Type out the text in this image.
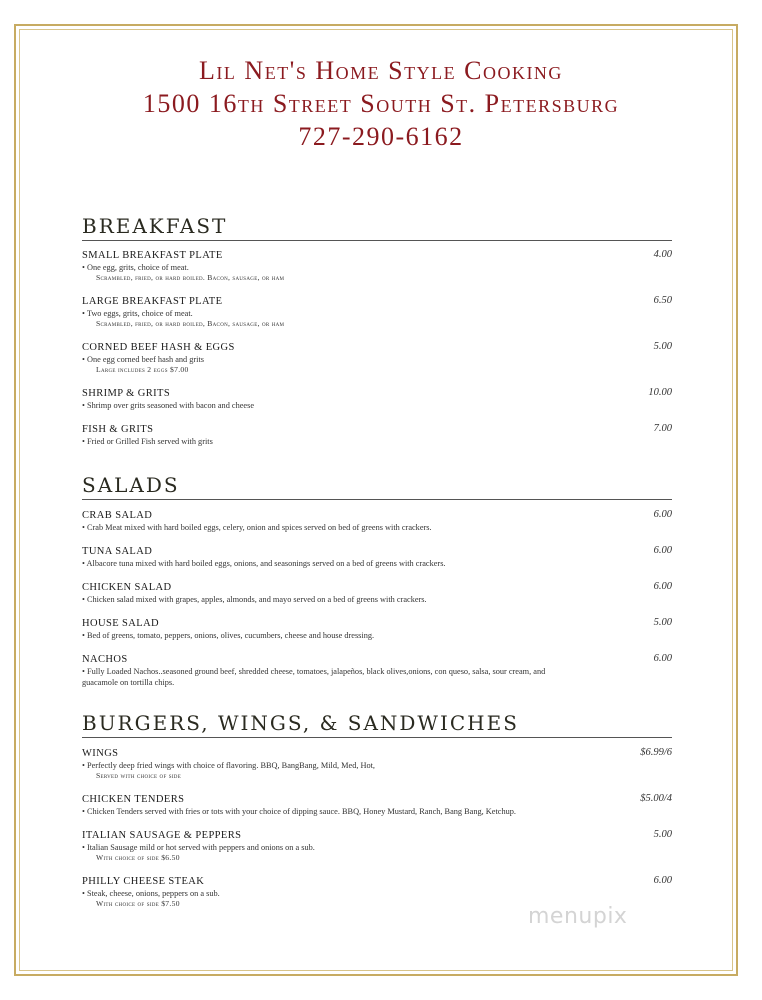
Lil Net's Home Style Cooking
1500 16th Street South St. Petersburg
727-290-6162
BREAKFAST
SMALL BREAKFAST PLATE	4.00
• One egg, grits, choice of meat.
Scrambled, fried, or hard boiled. Bacon, sausage, or ham
LARGE BREAKFAST PLATE	6.50
• Two eggs, grits, choice of meat.
Scrambled, fried, or hard boiled, Bacon, sausage, or ham
CORNED BEEF HASH & EGGS	5.00
• One egg corned beef hash and grits
Large includes 2 eggs $7.00
SHRIMP & GRITS	10.00
• Shrimp over grits seasoned with bacon and cheese
FISH & GRITS	7.00
• Fried or Grilled Fish served with grits
SALADS
CRAB SALAD	6.00
• Crab Meat mixed with hard boiled eggs, celery, onion and spices served on bed of greens with crackers.
TUNA SALAD	6.00
• Albacore tuna mixed with hard boiled eggs, onions, and seasonings served on a bed of greens with crackers.
CHICKEN SALAD	6.00
• Chicken salad mixed with grapes, apples, almonds, and mayo served on a bed of greens with crackers.
HOUSE SALAD	5.00
• Bed of greens, tomato, peppers, onions, olives, cucumbers, cheese and house dressing.
NACHOS	6.00
• Fully Loaded Nachos..seasoned ground beef, shredded cheese, tomatoes, jalapeños, black olives,onions, con queso, salsa, sour cream, and guacamole on tortilla chips.
BURGERS, WINGS, & SANDWICHES
WINGS	$6.99/6
• Perfectly deep fried wings with choice of flavoring. BBQ, BangBang, Mild, Med, Hot,
Served with choice of side
CHICKEN TENDERS	$5.00/4
• Chicken Tenders served with fries or tots with your choice of dipping sauce. BBQ, Honey Mustard, Ranch, Bang Bang, Ketchup.
ITALIAN SAUSAGE & PEPPERS	5.00
• Italian Sausage mild or hot served with peppers and onions on a sub.
With choice of side $6.50
PHILLY CHEESE STEAK	6.00
• Steak, cheese, onions, peppers on a sub.
With choice of side $7.50
menupix
